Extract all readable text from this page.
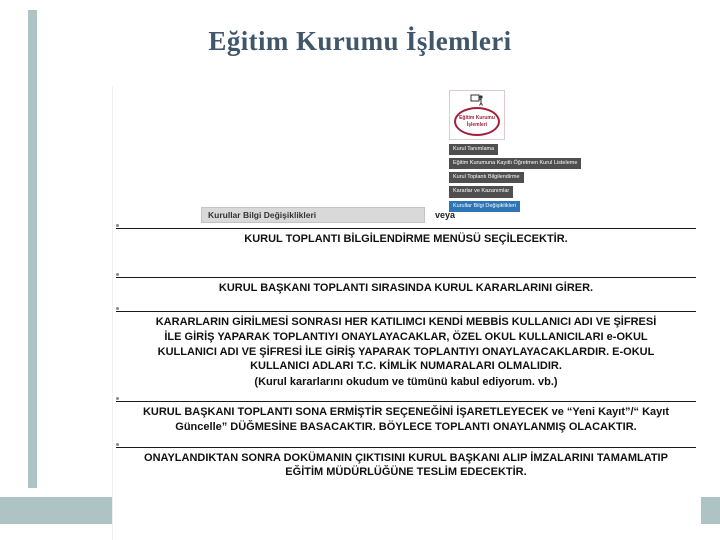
Eğitim Kurumu İşlemleri
Eğitim Kurumu İşlemleri
Kurul Tanımlama
Eğitim Kurumuna Kayıtlı Öğretmen Kurul Listeleme
Kurul Toplantı Bilgilendirme
Kararlar ve Kazanımlar
Kurullar Bilgi Değişiklikleri
Kurullar Bilgi Değişiklikleri	veya

KURUL TOPLANTI BİLGİLENDİRME MENÜSÜ SEÇİLECEKTİR.

KURUL BAŞKANI TOPLANTI SIRASINDA KURUL KARARLARINI GİRER.

KARARLARIN GİRİLMESİ SONRASI HER KATILIMCI KENDİ MEBBİS KULLANICI ADI VE ŞİFRESİ İLE GİRİŞ YAPARAK TOPLANTIYI ONAYLAYACAKLAR, ÖZEL OKUL KULLANICILARI e-OKUL KULLANICI ADI VE ŞİFRESİ İLE GİRİŞ YAPARAK TOPLANTIYI ONAYLAYACAKLARDIR. E-OKUL KULLANICI ADLARI T.C. KİMLİK NUMARALARI OLMALIDIR.

(Kurul kararlarını okudum ve tümünü kabul ediyorum. vb.)

KURUL BAŞKANI TOPLANTI SONA ERMİŞTİR SEÇENEĞİNİ İŞARETLEYECEK ve “Yeni Kayıt”/“ Kayıt Güncelle” DÜĞMESİNE BASACAKTIR. BÖYLECE TOPLANTI ONAYLANMIŞ OLACAKTIR.

ONAYLANDIKTAN SONRA DOKÜMANIN ÇIKTISINI KURUL BAŞKANI ALIP İMZALARINI TAMAMLATIP EĞİTİM MÜDÜRLÜĞÜNE TESLİM EDECEKTİR.
